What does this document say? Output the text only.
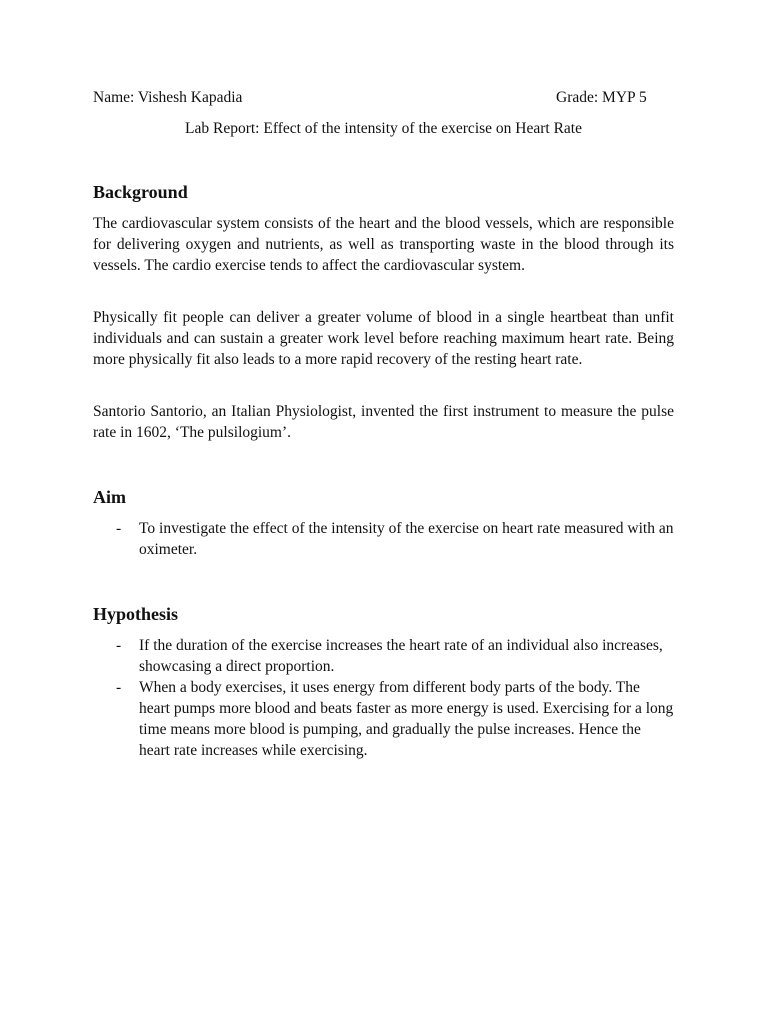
Name: Vishesh Kapadia	Grade: MYP 5
Lab Report: Effect of the intensity of the exercise on Heart Rate
Background

The cardiovascular system consists of the heart and the blood vessels, which are responsible for delivering oxygen and nutrients, as well as transporting waste in the blood through its vessels. The cardio exercise tends to affect the cardiovascular system.

Physically fit people can deliver a greater volume of blood in a single heartbeat than unfit individuals and can sustain a greater work level before reaching maximum heart rate. Being more physically fit also leads to a more rapid recovery of the resting heart rate.

Santorio Santorio, an Italian Physiologist, invented the first instrument to measure the pulse rate in 1602, ‘The pulsilogium’.

Aim
- To investigate the effect of the intensity of the exercise on heart rate measured with an oximeter.
Hypothesis
- If the duration of the exercise increases the heart rate of an individual also increases, showcasing a direct proportion.
- When a body exercises, it uses energy from different body parts of the body. The heart pumps more blood and beats faster as more energy is used. Exercising for a long time means more blood is pumping, and gradually the pulse increases. Hence the heart rate increases while exercising.
